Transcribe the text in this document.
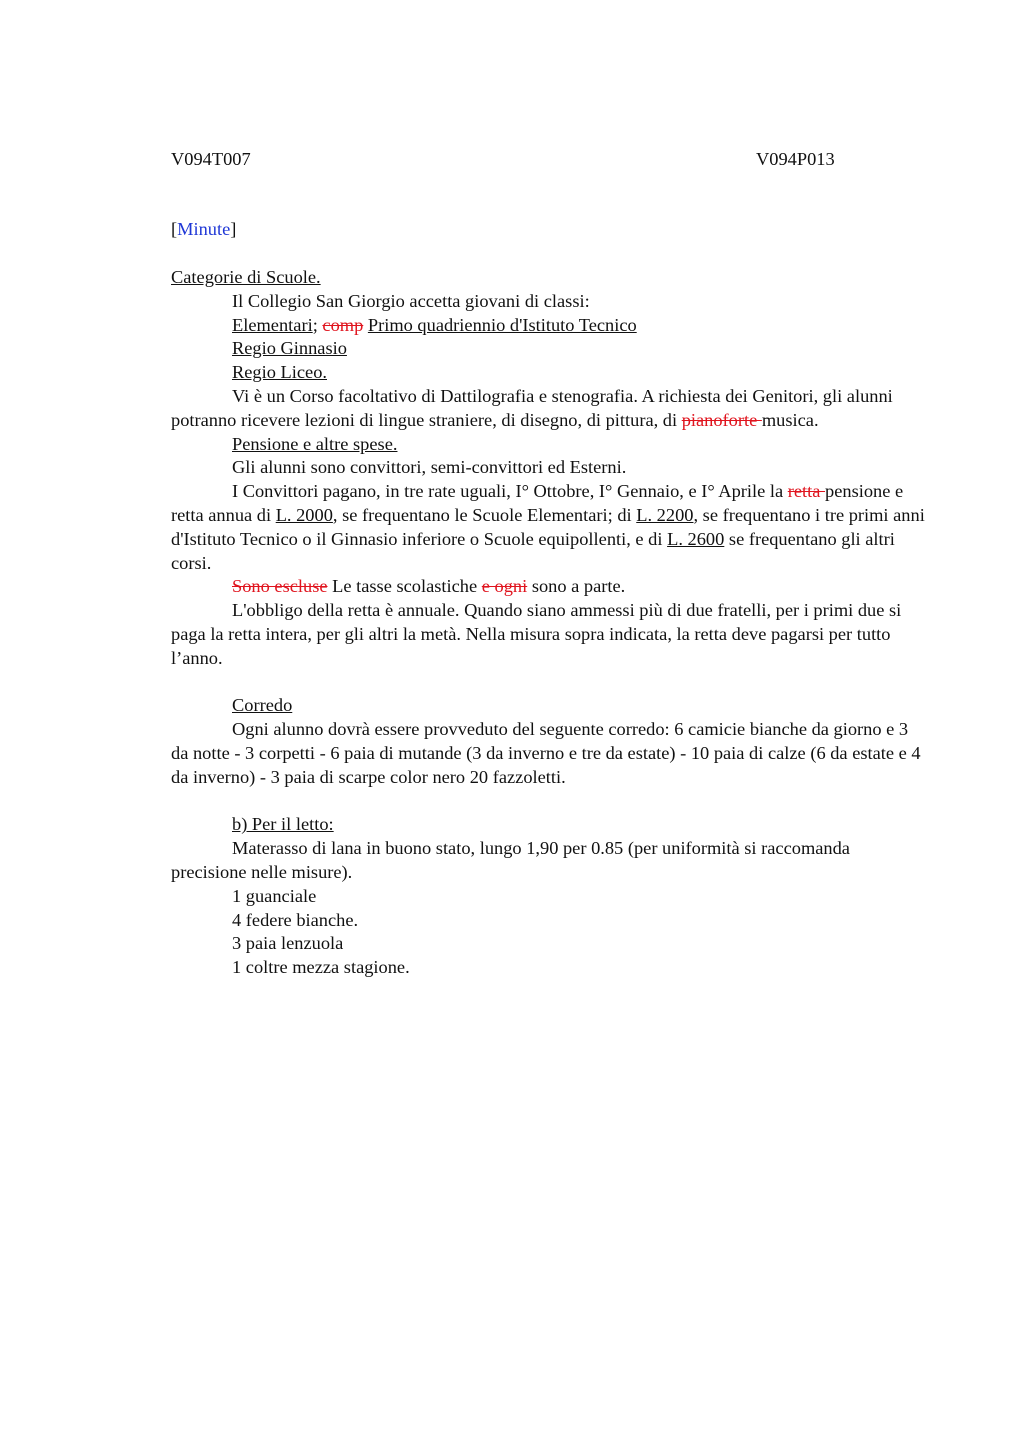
V094T007	V094P013
[Minute]

Categorie di Scuole.

Il Collegio San Giorgio accetta giovani di classi:

Elementari; comp Primo quadriennio d'Istituto Tecnico

Regio Ginnasio

Regio Liceo.

Vi è un Corso facoltativo di Dattilografia e stenografia. A richiesta dei Genitori, gli alunni potranno ricevere lezioni di lingue straniere, di disegno, di pittura, di pianoforte musica.

Pensione e altre spese.

Gli alunni sono convittori, semi-convittori ed Esterni.

I Convittori pagano, in tre rate uguali, I° Ottobre, I° Gennaio, e I° Aprile la retta pensione e retta annua di L. 2000, se frequentano le Scuole Elementari; di L. 2200, se frequentano i tre primi anni d'Istituto Tecnico o il Ginnasio inferiore o Scuole equipollenti, e di L. 2600 se frequentano gli altri corsi.

Sono escluse Le tasse scolastiche e ogni sono a parte.

L'obbligo della retta è annuale. Quando siano ammessi più di due fratelli, per i primi due si paga la retta intera, per gli altri la metà. Nella misura sopra indicata, la retta deve pagarsi per tutto l’anno.

Corredo

Ogni alunno dovrà essere provveduto del seguente corredo: 6 camicie bianche da giorno e 3 da notte - 3 corpetti - 6 paia di mutande (3 da inverno e tre da estate) - 10 paia di calze (6 da estate e 4 da inverno) - 3 paia di scarpe color nero 20 fazzoletti.

b) Per il letto:

Materasso di lana in buono stato, lungo 1,90 per 0.85 (per uniformità si raccomanda precisione nelle misure).

1 guanciale

4 federe bianche.

3 paia lenzuola

1 coltre mezza stagione.
